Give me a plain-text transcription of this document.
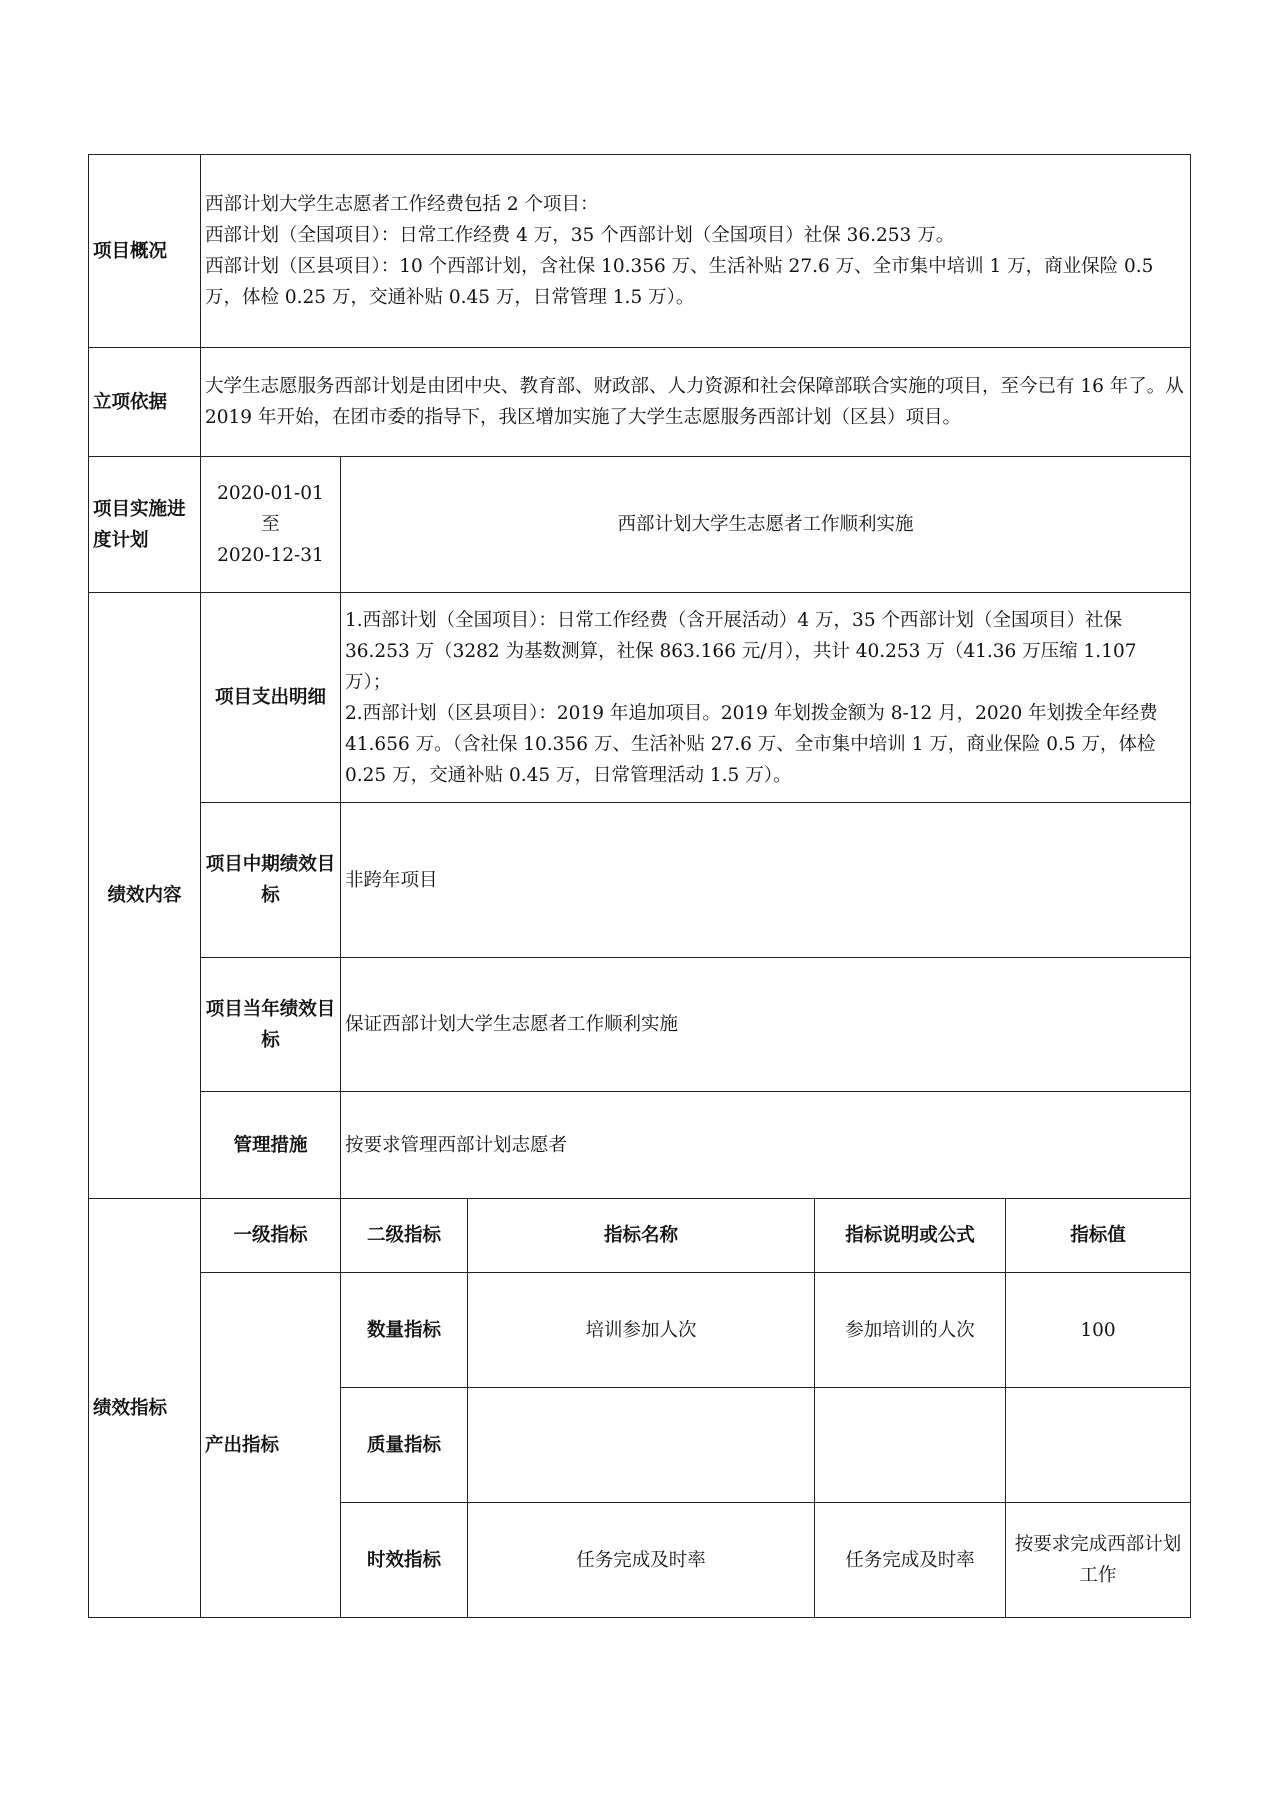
项目概况	西部计划大学生志愿者工作经费包括 2 个项目：
西部计划（全国项目）：日常工作经费 4 万，35 个西部计划（全国项目）社保 36.253 万。
西部计划（区县项目）：10 个西部计划，含社保 10.356 万、生活补贴 27.6 万、全市集中培训 1 万，商业保险 0.5 万，体检 0.25 万，交通补贴 0.45 万，日常管理 1.5 万）。				

立项依据	大学生志愿服务西部计划是由团中央、教育部、财政部、人力资源和社会保障部联合实施的项目，至今已有 16 年了。从 2019 年开始，在团市委的指导下，我区增加实施了大学生志愿服务西部计划（区县）项目。				
项目实施进度计划	2020-01-01
至
2020-12-31	西部计划大学生志愿者工作顺利实施			
绩效内容	项目支出明细	1.西部计划（全国项目）：日常工作经费（含开展活动）4 万，35 个西部计划（全国项目）社保 36.253 万（3282 为基数测算，社保 863.166 元/月），共计 40.253 万（41.36 万压缩 1.107 万）；
2.西部计划（区县项目）：2019 年追加项目。2019 年划拨金额为 8-12 月，2020 年划拨全年经费 41.656 万。（含社保 10.356 万、生活补贴 27.6 万、全市集中培训 1 万，商业保险 0.5 万，体检 0.25 万，交通补贴 0.45 万，日常管理活动 1.5 万）。			

	项目中期绩效目标	非跨年项目			
	项目当年绩效目标	保证西部计划大学生志愿者工作顺利实施			
	管理措施	按要求管理西部计划志愿者			
绩效指标	一级指标	二级指标	指标名称	指标说明或公式	指标值
	产出指标	数量指标	培训参加人次	参加培训的人次	100
		质量指标			
		时效指标	任务完成及时率	任务完成及时率	按要求完成西部计划工作
